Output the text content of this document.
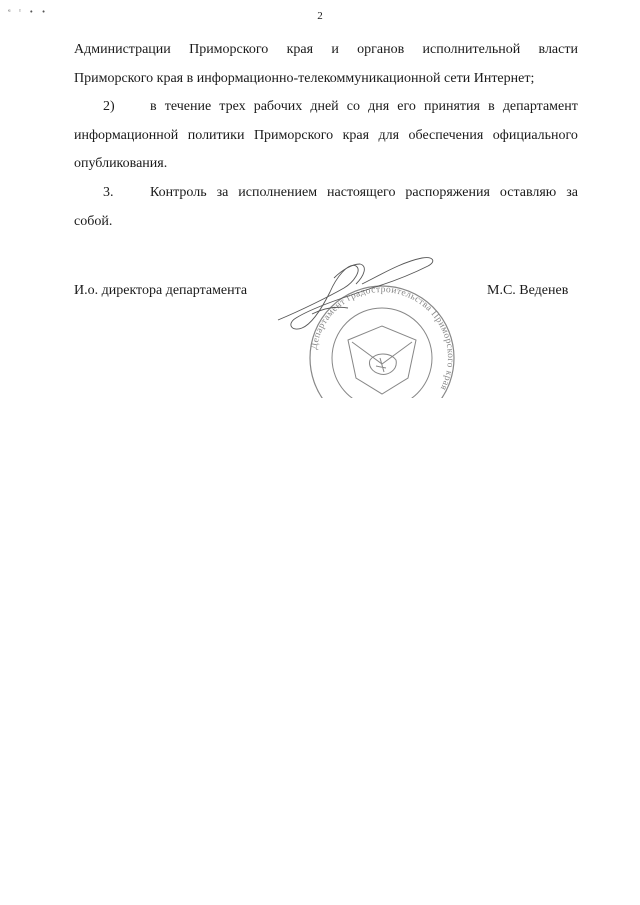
ᵉ ᶦ • •	2
Администрации Приморского края и органов исполнительной власти
Приморского края в информационно-телекоммуникационной сети Интернет;
2)	в течение трех рабочих дней со дня его принятия в департамент
информационной политики Приморского края для обеспечения официального
опубликования.
3.	Контроль за исполнением настоящего распоряжения оставляю за
собой.
И.о. директора департамента	М.С. Веденев
Департамент градостроительства Приморского края
